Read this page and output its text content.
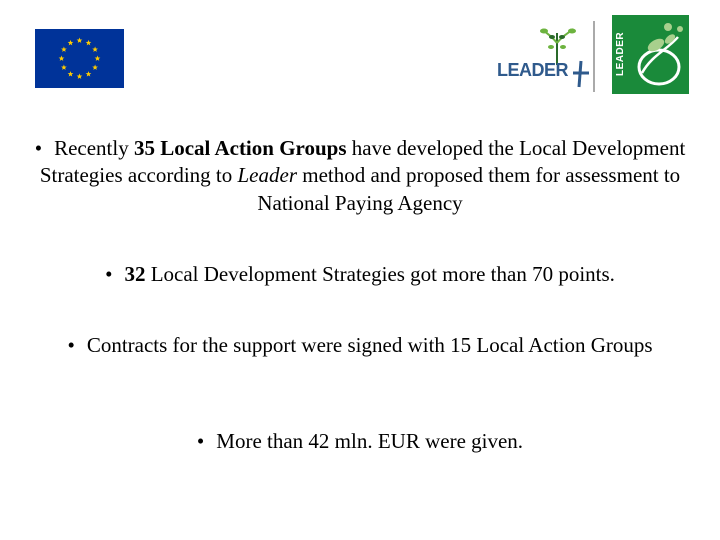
LEADER	LEADER
• Recently 35 Local Action Groups have developed the Local Development Strategies according to Leader method and proposed them for assessment to National Paying Agency
• 32 Local Development Strategies got more than 70 points.
• Contracts for the support were signed with 15 Local Action Groups
• More than 42 mln. EUR were given.
